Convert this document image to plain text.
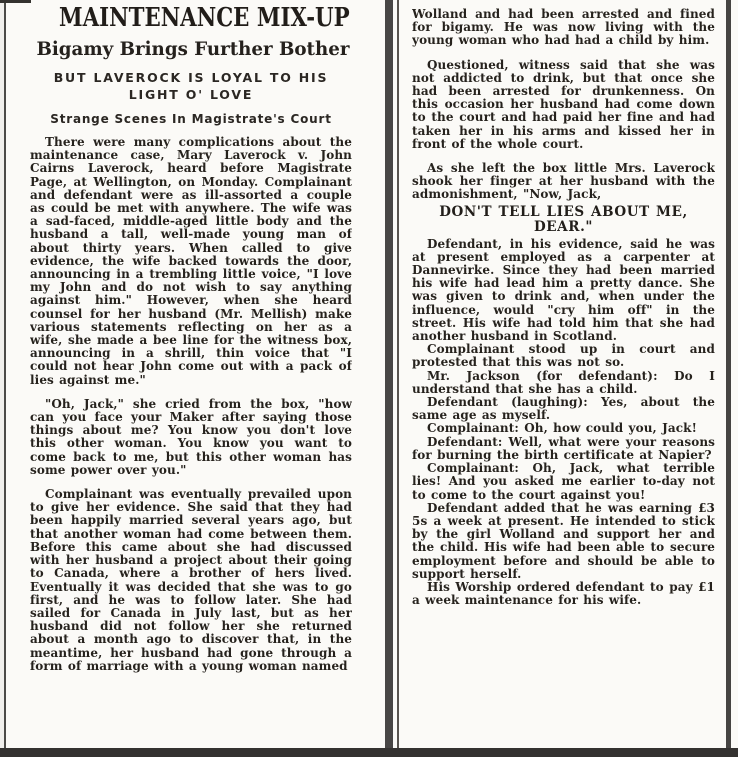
MAINTENANCE MIX-UP
Bigamy Brings Further Bother
BUT LAVEROCK IS LOYAL TO HIS
LIGHT O' LOVE
Strange Scenes In Magistrate's Court

There were many complications about the maintenance case, Mary Laverock v. John Cairns Laverock, heard before Magistrate Page, at Wellington, on Monday. Complainant and defendant were as ill-assorted a couple as could be met with anywhere. The wife was a sad-faced, middle-aged little body and the husband a tall, well-made young man of about thirty years. When called to give evidence, the wife backed towards the door, announcing in a trembling little voice, "I love my John and do not wish to say anything against him." However, when she heard counsel for her husband (Mr. Mellish) make various statements reflecting on her as a wife, she made a bee line for the witness box, announcing in a shrill, thin voice that "I could not hear John come out with a pack of lies against me."

"Oh, Jack," she cried from the box, "how can you face your Maker after saying those things about me? You know you don't love this other woman. You know you want to come back to me, but this other woman has some power over you."

Complainant was eventually prevailed upon to give her evidence. She said that they had been happily married several years ago, but that another woman had come between them. Before this came about she had discussed with her husband a project about their going to Canada, where a brother of hers lived. Eventually it was decided that she was to go first, and he was to follow later. She had sailed for Canada in July last, but as her husband did not follow her she returned about a month ago to discover that, in the meantime, her husband had gone through a form of marriage with a young woman named

Wolland and had been arrested and fined for bigamy. He was now living with the young woman who had had a child by him.

Questioned, witness said that she was not addicted to drink, but that once she had been arrested for drunkenness. On this occasion her husband had come down to the court and had paid her fine and had taken her in his arms and kissed her in front of the whole court.

As she left the box little Mrs. Laverock shook her finger at her husband with the admonishment, "Now, Jack,

DON'T TELL LIES ABOUT ME, DEAR."

Defendant, in his evidence, said he was at present employed as a carpenter at Dannevirke. Since they had been married his wife had lead him a pretty dance. She was given to drink and, when under the influence, would "cry him off" in the street. His wife had told him that she had another husband in Scotland.

Complainant stood up in court and protested that this was not so.

Mr. Jackson (for defendant): Do I understand that she has a child.

Defendant (laughing): Yes, about the same age as myself.

Complainant: Oh, how could you, Jack!

Defendant: Well, what were your reasons for burning the birth certificate at Napier?

Complainant: Oh, Jack, what terrible lies! And you asked me earlier to-day not to come to the court against you!

Defendant added that he was earning £3 5s a week at present. He intended to stick by the girl Wolland and support her and the child. His wife had been able to secure employment before and should be able to support herself.

His Worship ordered defendant to pay £1 a week maintenance for his wife.
